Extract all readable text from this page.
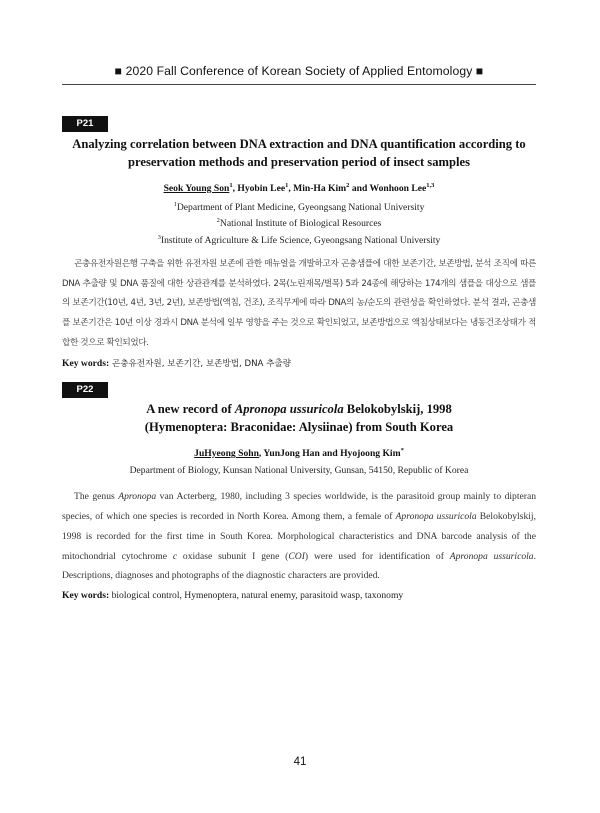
■ 2020 Fall Conference of Korean Society of Applied Entomology ■
P21

Analyzing correlation between DNA extraction and DNA quantification according to
preservation methods and preservation period of insect samples

Seok Young Son$^1$, Hyobin Lee$^1$, Min-Ha Kim$^2$ and Wonhoon Lee$^{1,3}$

$^1$Department of Plant Medicine, Gyeongsang National University

$^2$National Institute of Biological Resources

$^3$Institute of Agriculture & Life Science, Gyeongsang National University

곤충유전자원은행 구축을 위한 유전자원 보존에 관한 매뉴얼을 개발하고자 곤충샘플에 대한 보존기간, 보존방법, 분석 조직에 따른 DNA 추출량 및 DNA 품질에 대한 상관관계를 분석하였다. 2목(노린재목/벌목) 5과 24종에 해당하는 174개의 샘플을 대상으로 샘플의 보존기간(10년, 4년, 3년, 2년), 보존방법(액침, 건조), 조직무게에 따라 DNA의 농/순도의 관련성을 확인하였다. 분석 결과, 곤충샘플 보존기간은 10년 이상 경과시 DNA 분석에 일부 영향을 주는 것으로 확인되었고, 보존방법으로 액침상태보다는 냉동건조상태가 적합한 것으로 확인되었다.

Key words: 곤충유전자원, 보존기간, 보존방법, DNA 추출량

P22

A new record of Apronopa ussuricola Belokobylskij, 1998
(Hymenoptera: Braconidae: Alysiinae) from South Korea

JuHyeong Sohn, YunJong Han and Hyojoong Kim*

Department of Biology, Kunsan National University, Gunsan, 54150, Republic of Korea

The genus Apronopa van Acterberg, 1980, including 3 species worldwide, is the parasitoid group mainly to dipteran species, of which one species is recorded in North Korea. Among them, a female of Apronopa ussuricola Belokobylskij, 1998 is recorded for the first time in South Korea. Morphological characteristics and DNA barcode analysis of the mitochondrial cytochrome c oxidase subunit I gene (COI) were used for identification of Apronopa ussuricola. Descriptions, diagnoses and photographs of the diagnostic characters are provided.

Key words: biological control, Hymenoptera, natural enemy, parasitoid wasp, taxonomy

41
